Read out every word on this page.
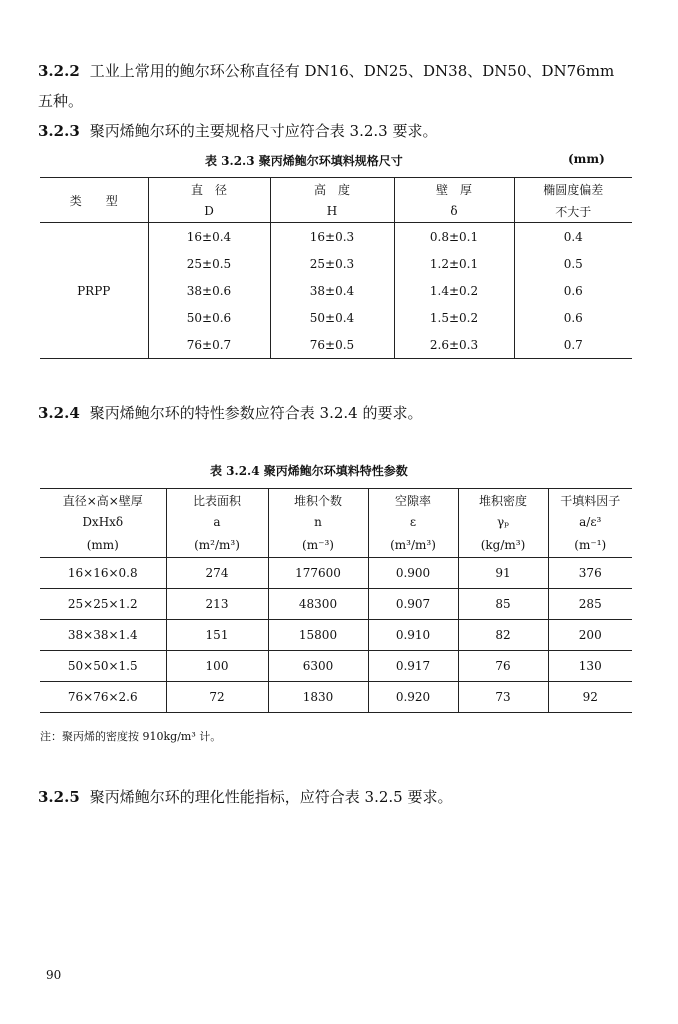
3.2.2 工业上常用的鲍尔环公称直径有 DN16、DN25、DN38、DN50、DN76mm
五种。
3.2.3 聚丙烯鲍尔环的主要规格尺寸应符合表 3.2.3 要求。
表 3.2.3 聚丙烯鲍尔环填料规格尺寸	(mm)
类　　型	直　径	高　度	壁　厚	椭圆度偏差
	D	H	δ	不大于
PRPP	16±0.4	16±0.3	0.8±0.1	0.4
	25±0.5	25±0.3	1.2±0.1	0.5
	38±0.6	38±0.4	1.4±0.2	0.6
	50±0.6	50±0.4	1.5±0.2	0.6
	76±0.7	76±0.5	2.6±0.3	0.7
3.2.4 聚丙烯鲍尔环的特性参数应符合表 3.2.4 的要求。
表 3.2.4 聚丙烯鲍尔环填料特性参数
直径×高×壁厚	比表面积	堆积个数	空隙率	堆积密度	干填料因子
DxHxδ	a	n	ε	γₚ	a/ε³
(mm)	(m²/m³)	(m⁻³)	(m³/m³)	(kg/m³)	(m⁻¹)
16×16×0.8	274	177600	0.900	91	376
25×25×1.2	213	48300	0.907	85	285
38×38×1.4	151	15800	0.910	82	200
50×50×1.5	100	6300	0.917	76	130
76×76×2.6	72	1830	0.920	73	92
注：聚丙烯的密度按 910kg/m³ 计。
3.2.5 聚丙烯鲍尔环的理化性能指标，应符合表 3.2.5 要求。
90
